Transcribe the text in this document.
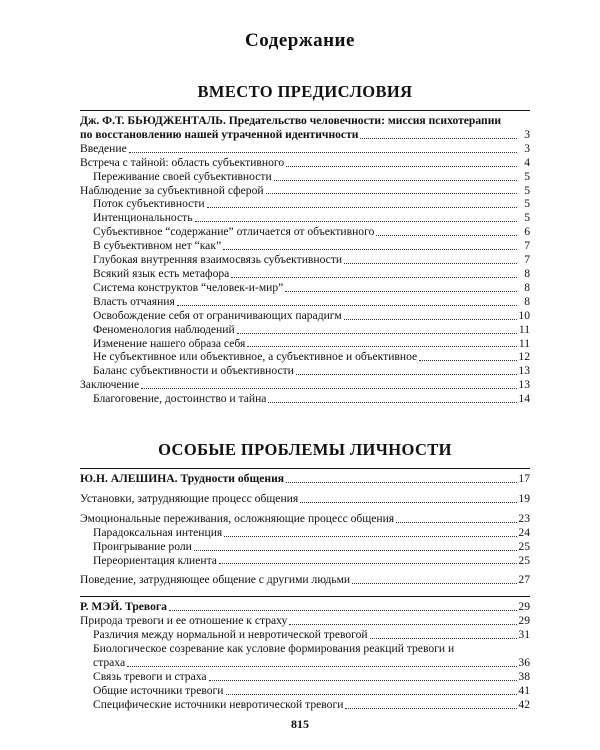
Содержание
ВМЕСТО ПРЕДИСЛОВИЯ
Дж. Ф.Т. БЬЮДЖЕНТАЛЬ. Предательство человечности: миссия психотерапии
по восстановлению нашей утраченной идентичности	3
Введение	3
Встреча с тайной: область субъективного	4
Переживание своей субъективности	5
Наблюдение за субъективной сферой	5
Поток субъективности	5
Интенциональность	5
Субъективное “содержание” отличается от объективного	6
В субъективном нет “как”	7
Глубокая внутренняя взаимосвязь субъективности	7
Всякий язык есть метафора	8
Система конструктов “человек-и-мир”	8
Власть отчаяния	8
Освобождение себя от ограничивающих парадигм	10
Феноменология наблюдений	11
Изменение нашего образа себя	11
Не субъективное или объективное, а субъективное и объективное	12
Баланс субъективности и объективности	13
Заключение	13
Благоговение, достоинство и тайна	14
ОСОБЫЕ ПРОБЛЕМЫ ЛИЧНОСТИ
Ю.Н. АЛЕШИНА. Трудности общения	17
Установки, затрудняющие процесс общения	19
Эмоциональные переживания, осложняющие процесс общения	23
Парадоксальная интенция	24
Проигрывание роли	25
Переориентация клиента	25
Поведение, затрудняющее общение с другими людьми	27
Р. МЭЙ. Тревога	29
Природа тревоги и ее отношение к страху	29
Различия между нормальной и невротической тревогой	31
Биологическое созревание как условие формирования реакций тревоги и
страха	36
Связь тревоги и страха	38
Общие источники тревоги	41
Специфические источники невротической тревоги	42
815
